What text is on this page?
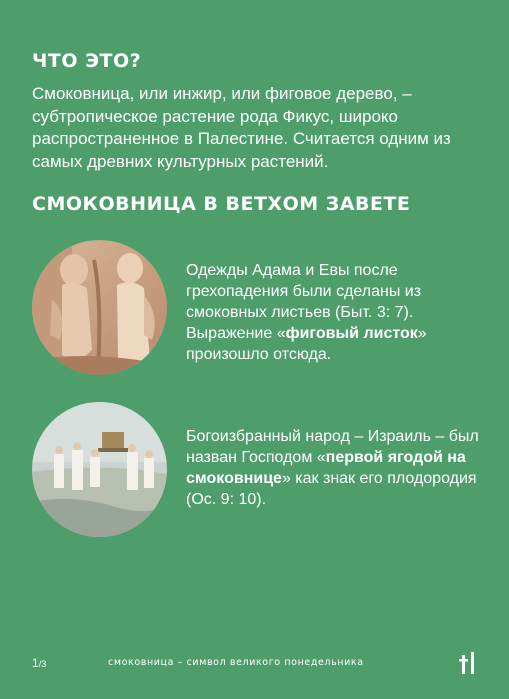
ЧТО ЭТО?

Смоковница, или инжир, или фиговое дерево, – субтропическое растение рода Фикус, широко распространенное в Палестине. Считается одним из самых древних культурных растений.

СМОКОВНИЦА В ВЕТХОМ ЗАВЕТЕ

Одежды Адама и Евы после грехопадения были сделаны из смоковных листьев (Быт. 3: 7). Выражение «фиговый листок» произошло отсюда.

Богоизбранный народ – Израиль – был назван Господом «первой ягодой на смоковнице» как знак его плодородия (Ос. 9: 10).

1/3	смоковница – символ великого понедельника
